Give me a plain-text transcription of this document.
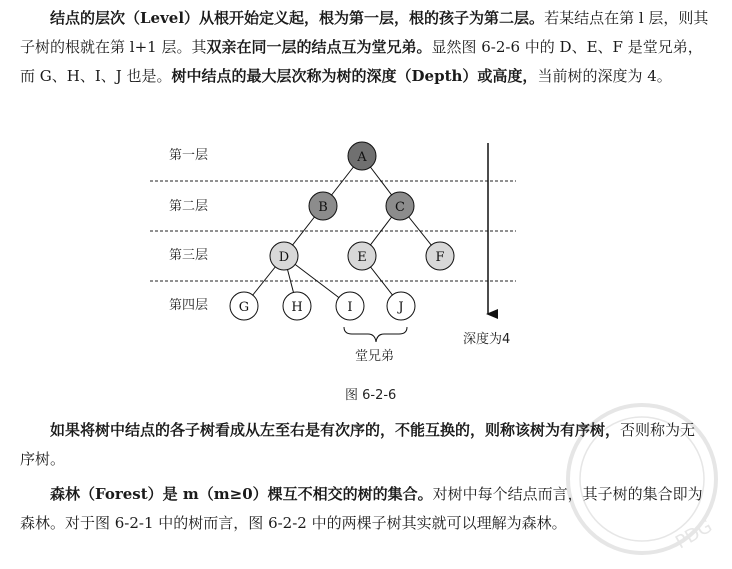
结点的层次（Level）从根开始定义起，根为第一层，根的孩子为第二层。若某结点在第 l 层，则其子树的根就在第 l+1 层。其双亲在同一层的结点互为堂兄弟。显然图 6-2-6 中的 D、E、F 是堂兄弟，而 G、H、I、J 也是。树中结点的最大层次称为树的深度（Depth）或高度，当前树的深度为 4。

第一层
第二层
第三层
第四层
A
B	C
D	E	F
G	H	I	J
堂兄弟
深度为4
图 6-2-6

如果将树中结点的各子树看成从左至右是有次序的，不能互换的，则称该树为有序树，否则称为无序树。

森林（Forest）是 m（m≥0）棵互不相交的树的集合。对树中每个结点而言，其子树的集合即为森林。对于图 6-2-1 中的树而言，图 6-2-2 中的两棵子树其实就可以理解为森林。	PDG
